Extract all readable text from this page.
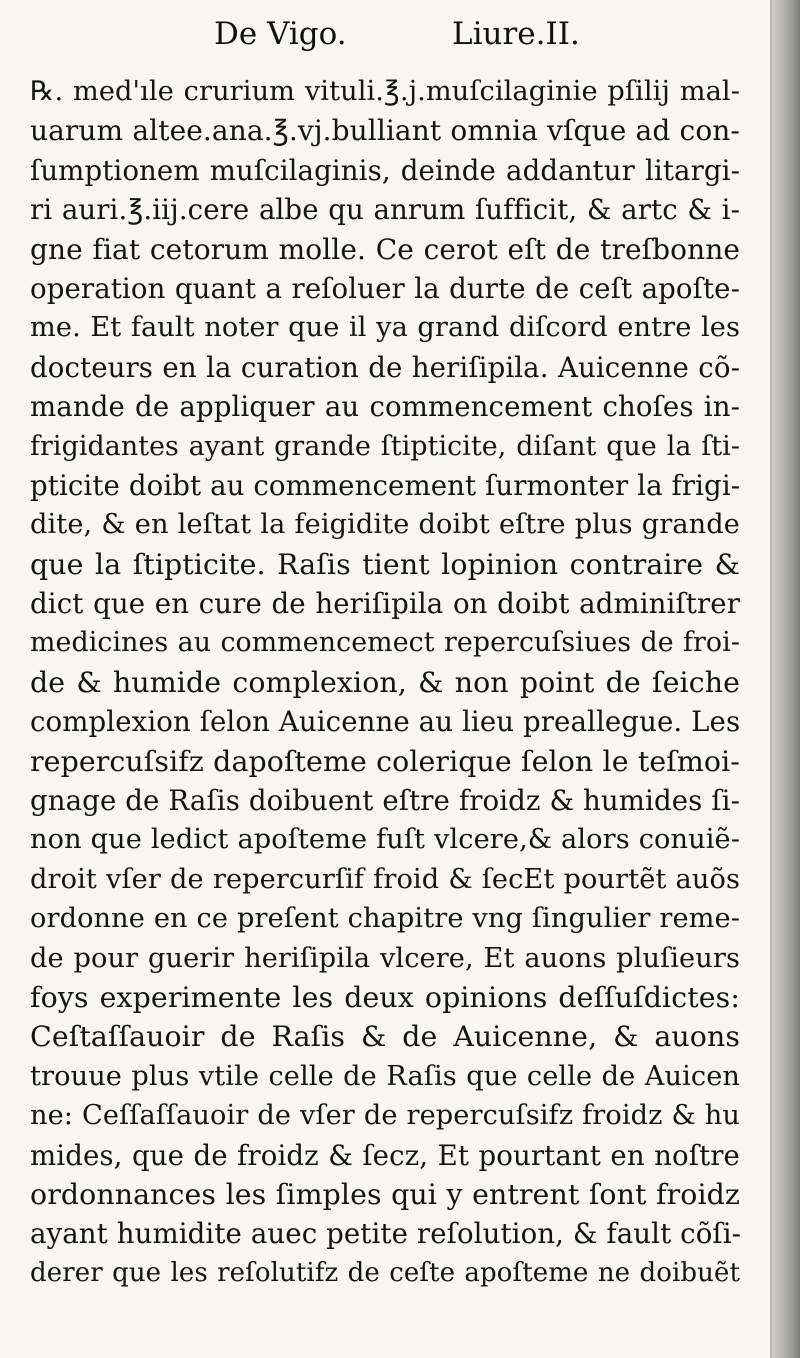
De Vigo.	Liure.II.
℞. med'ıle crurium vituli.℥.j.muſcilaginie pſilij mal-
uarum altee.ana.℥.vj.bulliant omnia vſque ad con-
ſumptionem muſcilaginis, deinde addantur litargi-
ri auri.℥.iij.cere albe qu anrum ſufficit, & artc & i-
gne fiat cetorum molle. Ce cerot eſt de treſbonne
operation quant a reſoluer la durte de ceſt apoſte-
me. Et fault noter que il ya grand diſcord entre les
docteurs en la curation de heriſipila. Auicenne cõ-
mande de appliquer au commencement choſes in-
frigidantes ayant grande ſtipticite, diſant que la ſti-
pticite doibt au commencement ſurmonter la frigi-
dite, & en leſtat la feigidite doibt eſtre plus grande
que la ſtipticite. Raſis tient lopinion contraire &
dict que en cure de heriſipila on doibt adminiſtrer
medicines au commencemect repercuſsiues de froi-
de & humide complexion, & non point de ſeiche
complexion ſelon Auicenne au lieu preallegue. Les
repercuſsifz dapoſteme colerique ſelon le teſmoi-
gnage de Raſis doibuent eſtre froidz & humides ſi-
non que ledict apoſteme fuſt vlcere,& alors conuiẽ-
droit vſer de repercurſif froid & ſecEt pourtẽt auõs
ordonne en ce preſent chapitre vng ſingulier reme-
de pour guerir heriſipila vlcere, Et auons pluſieurs
foys experimente les deux opinions deſſuſdictes:
Ceſtaſſauoir de Raſis & de Auicenne, & auons
trouue plus vtile celle de Raſis que celle de Auicen
ne: Ceſſaſſauoir de vſer de repercuſsifz froidz & hu
mides, que de froidz & ſecz, Et pourtant en noſtre
ordonnances les ſimples qui y entrent ſont froidz
ayant humidite auec petite reſolution, & fault cõſi-
derer que les reſolutifz de ceſte apoſteme ne doibuẽt
